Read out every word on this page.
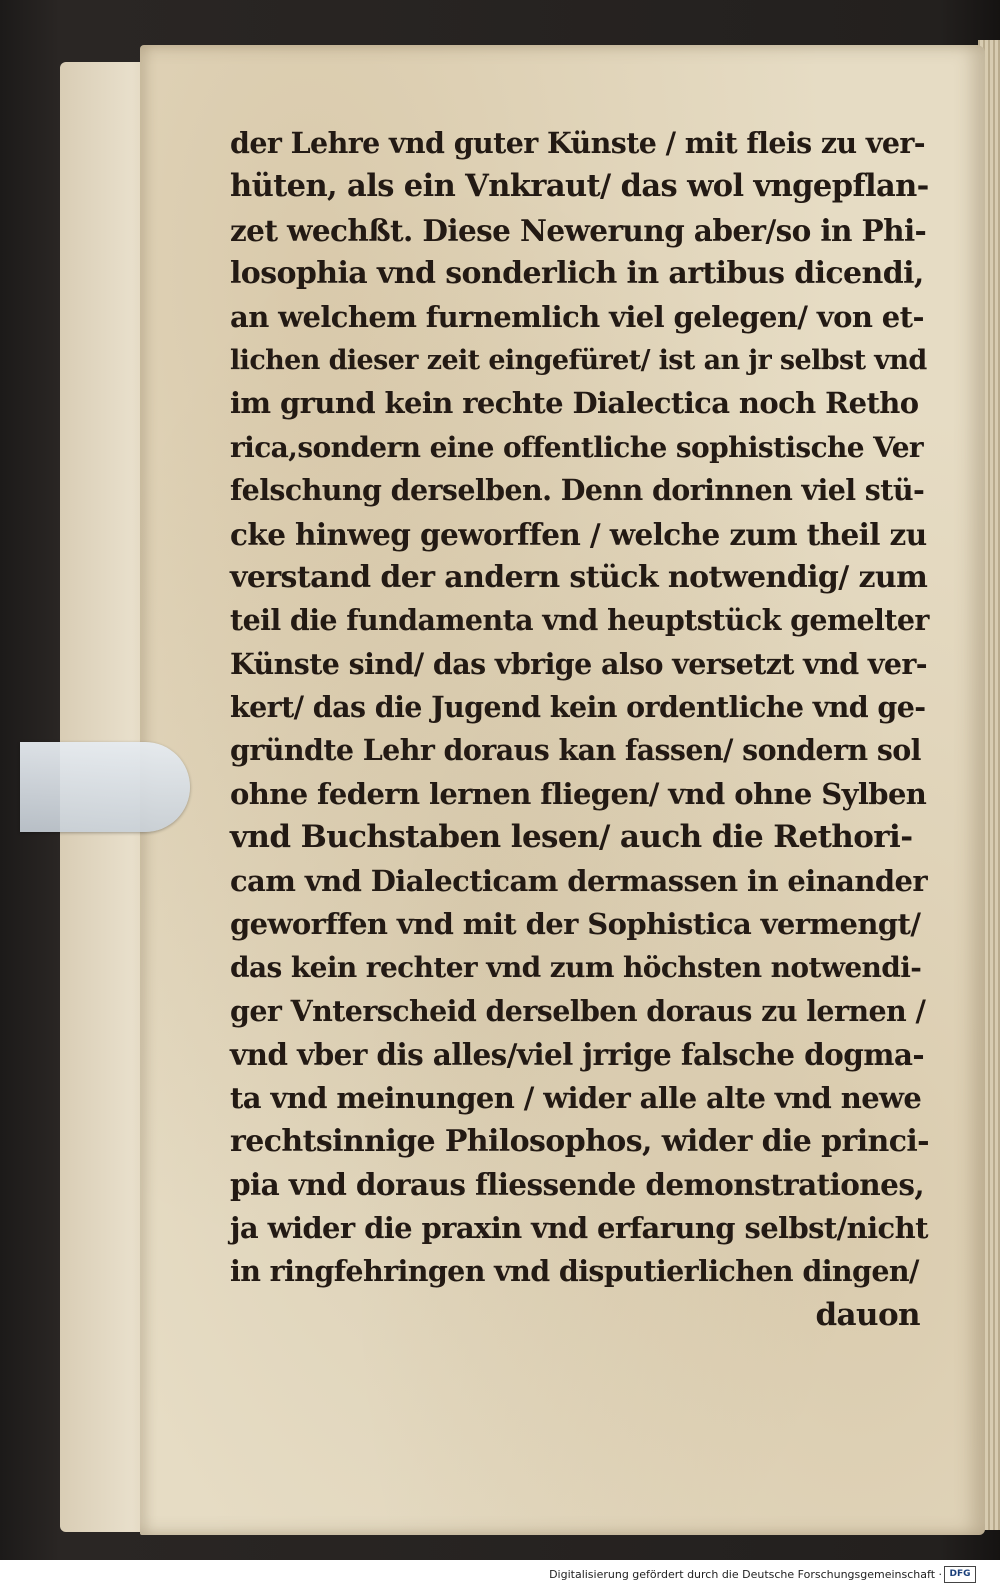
der Lehre vnd guter Künste / mit fleis zu ver-
hüten, als ein Vnkraut/ das wol vngepflan-
zet wechßt. Diese Newerung aber/so in Phi-
losophia vnd sonderlich in artibus dicendi,
an welchem furnemlich viel gelegen/ von et-
lichen dieser zeit eingefüret/ ist an jr selbst vnd
im grund kein rechte Dialectica noch Retho
rica,sondern eine offentliche sophistische Ver
felschung derselben. Denn dorinnen viel stü-
cke hinweg geworffen / welche zum theil zu
verstand der andern stück notwendig/ zum
teil die fundamenta vnd heuptstück gemelter
Künste sind/ das vbrige also versetzt vnd ver-
kert/ das die Jugend kein ordentliche vnd ge-
gründte Lehr doraus kan fassen/ sondern sol
ohne federn lernen fliegen/ vnd ohne Sylben
vnd Buchstaben lesen/ auch die Rethori-
cam vnd Dialecticam dermassen in einander
geworffen vnd mit der Sophistica vermengt/
das kein rechter vnd zum höchsten notwendi-
ger Vnterscheid derselben doraus zu lernen /
vnd vber dis alles/viel jrrige falsche dogma-
ta vnd meinungen / wider alle alte vnd newe
rechtsinnige Philosophos, wider die princi-
pia vnd doraus fliessende demonstrationes,
ja wider die praxin vnd erfarung selbst/nicht
in ringfehringen vnd disputierlichen dingen/
dauon
Digitalisierung gefördert durch die Deutsche Forschungsgemeinschaft · DFG
